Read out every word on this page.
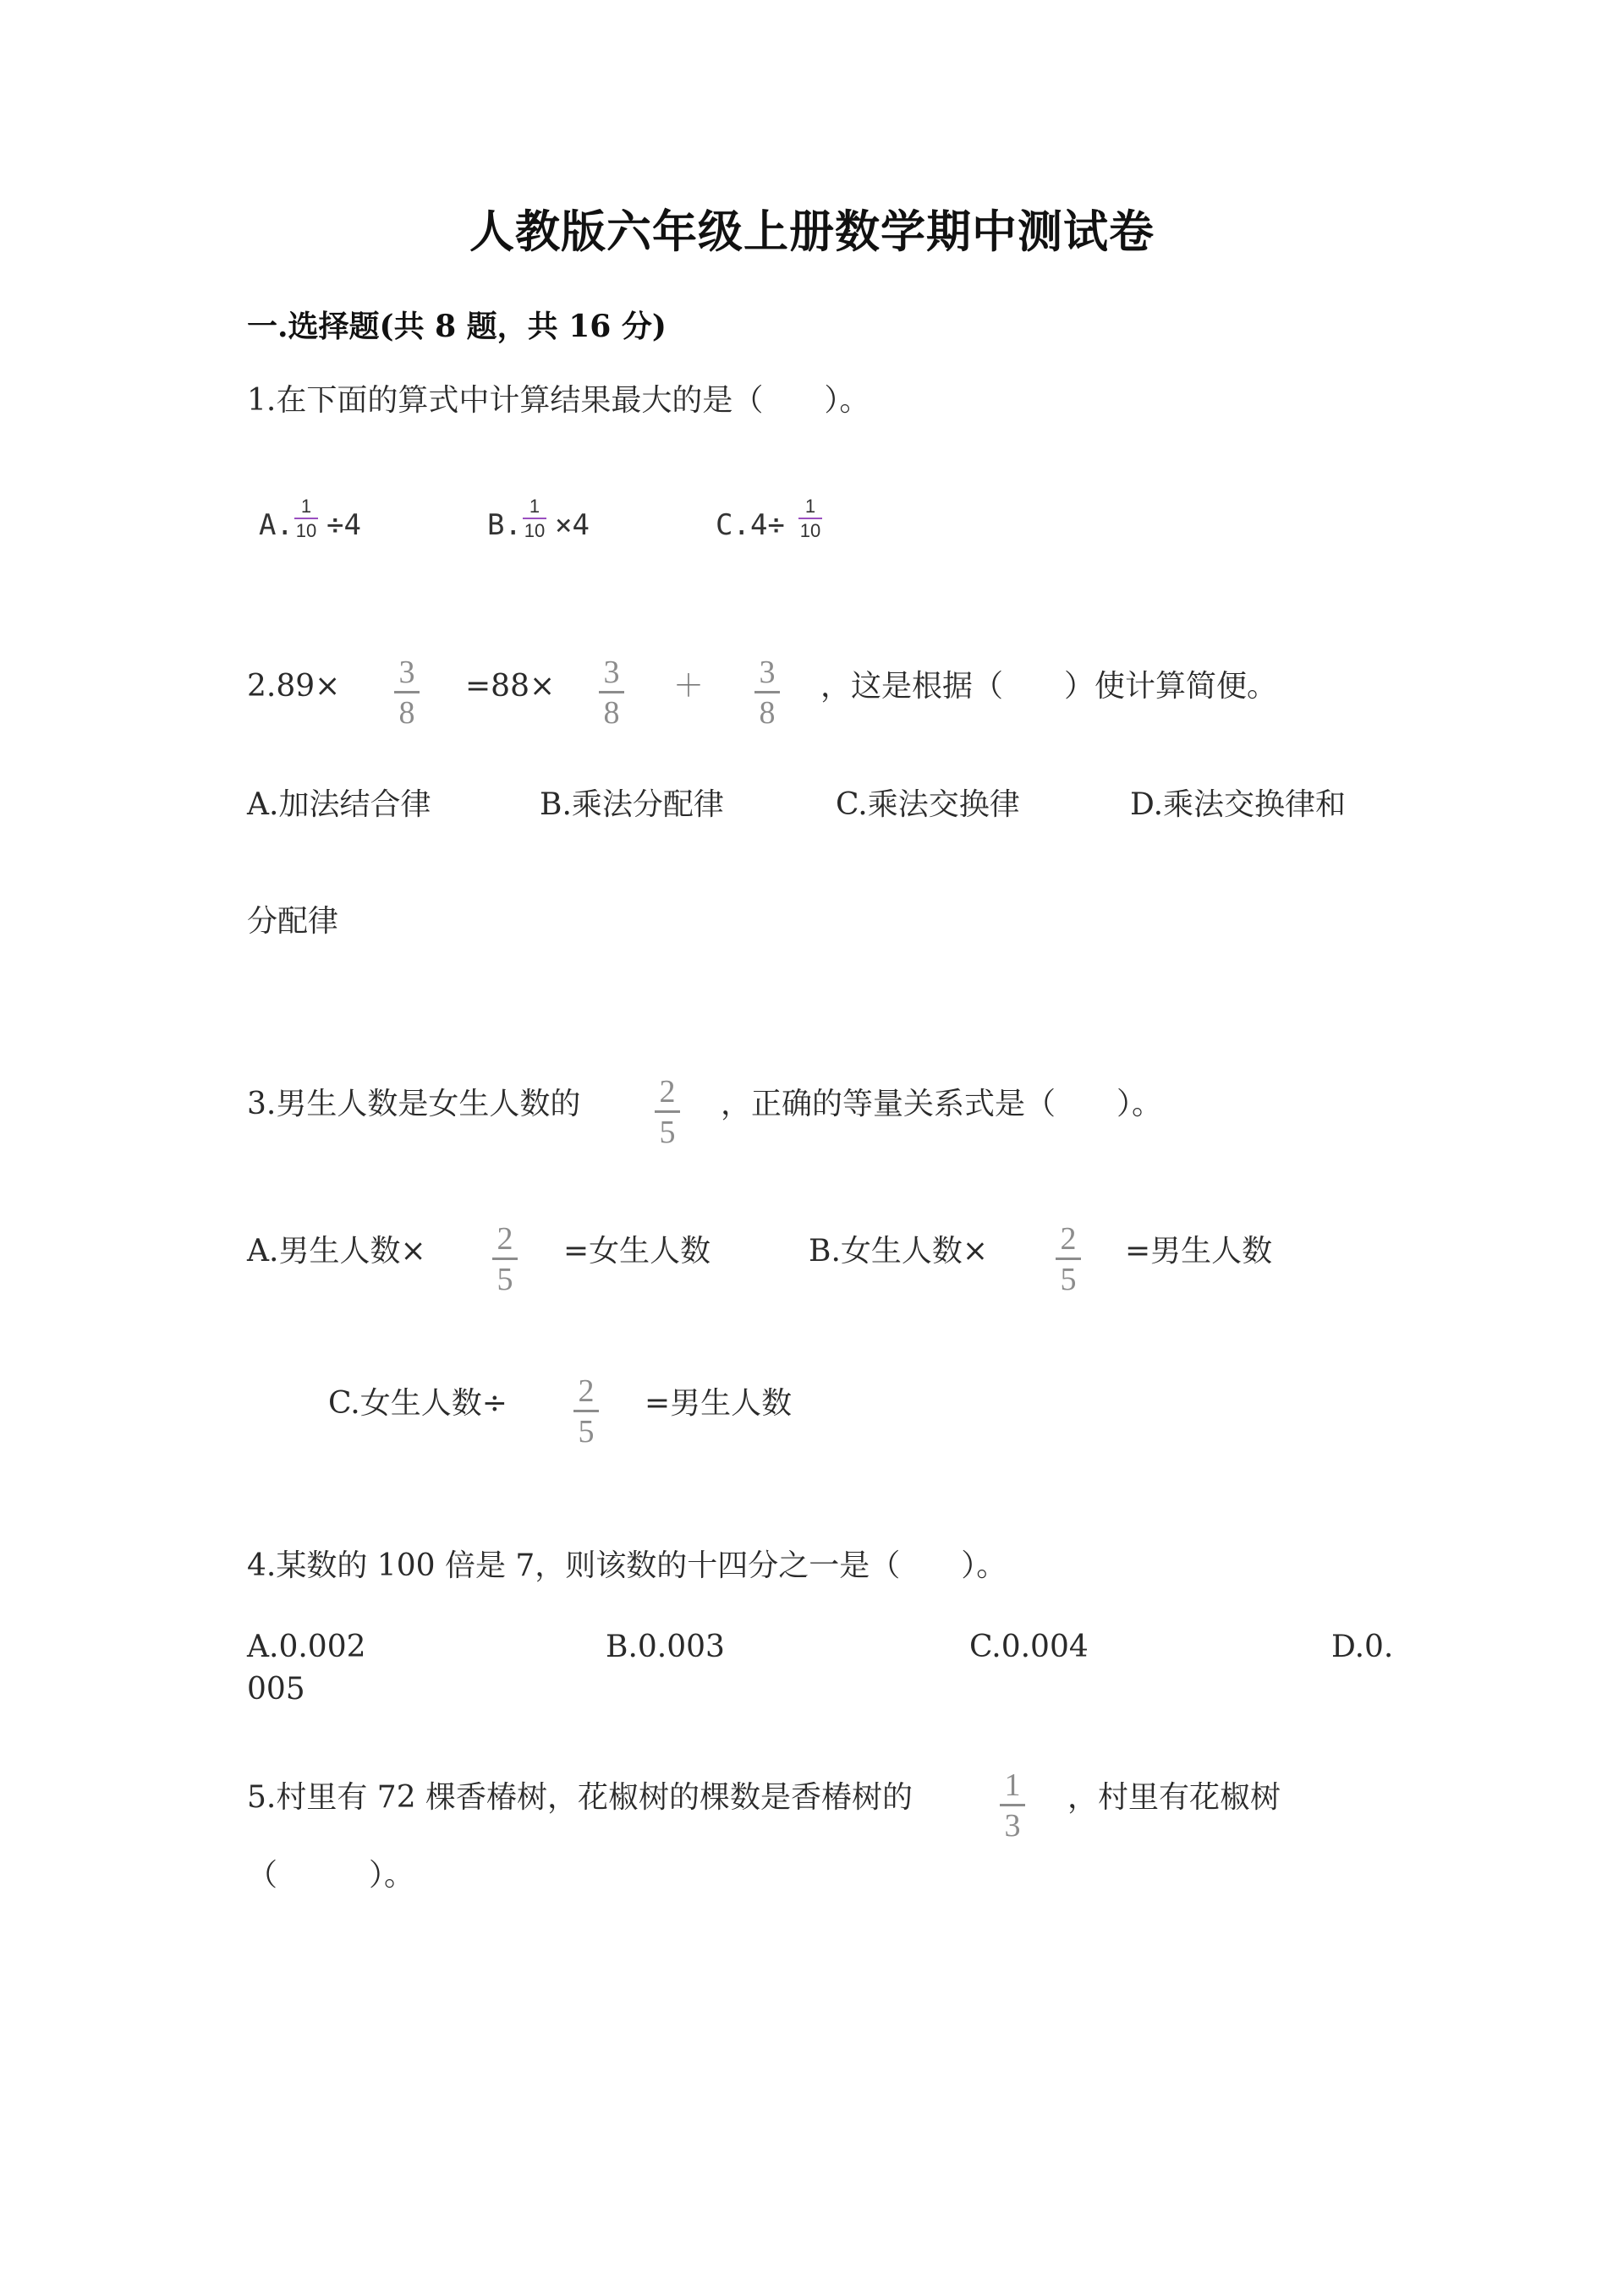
人教版六年级上册数学期中测试卷
一.选择题(共 8 题，共 16 分)
1.在下面的算式中计算结果最大的是（　　）。
A.
1
10 ÷4	B.
1
10 ×4	C.4÷
1
10
2.89× 3
8
=88× 3
8
＋ 3
8
，这是根据（　　）使计算简便。
A.加法结合律	B.乘法分配律	C.乘法交换律	D.乘法交换律和
分配律
3.男生人数是女生人数的 2
5
，正确的等量关系式是（　　）。
A.男生人数× 2
5
=女生人数	B.女生人数× 2
5
=男生人数
C.女生人数÷ 2
5
=男生人数
4.某数的 100 倍是 7，则该数的十四分之一是（　　）。
A.0.002	B.0.003	C.0.004	D.0.
005
5.村里有 72 棵香椿树，花椒树的棵数是香椿树的	1
3
，村里有花椒树
（　　　）。
